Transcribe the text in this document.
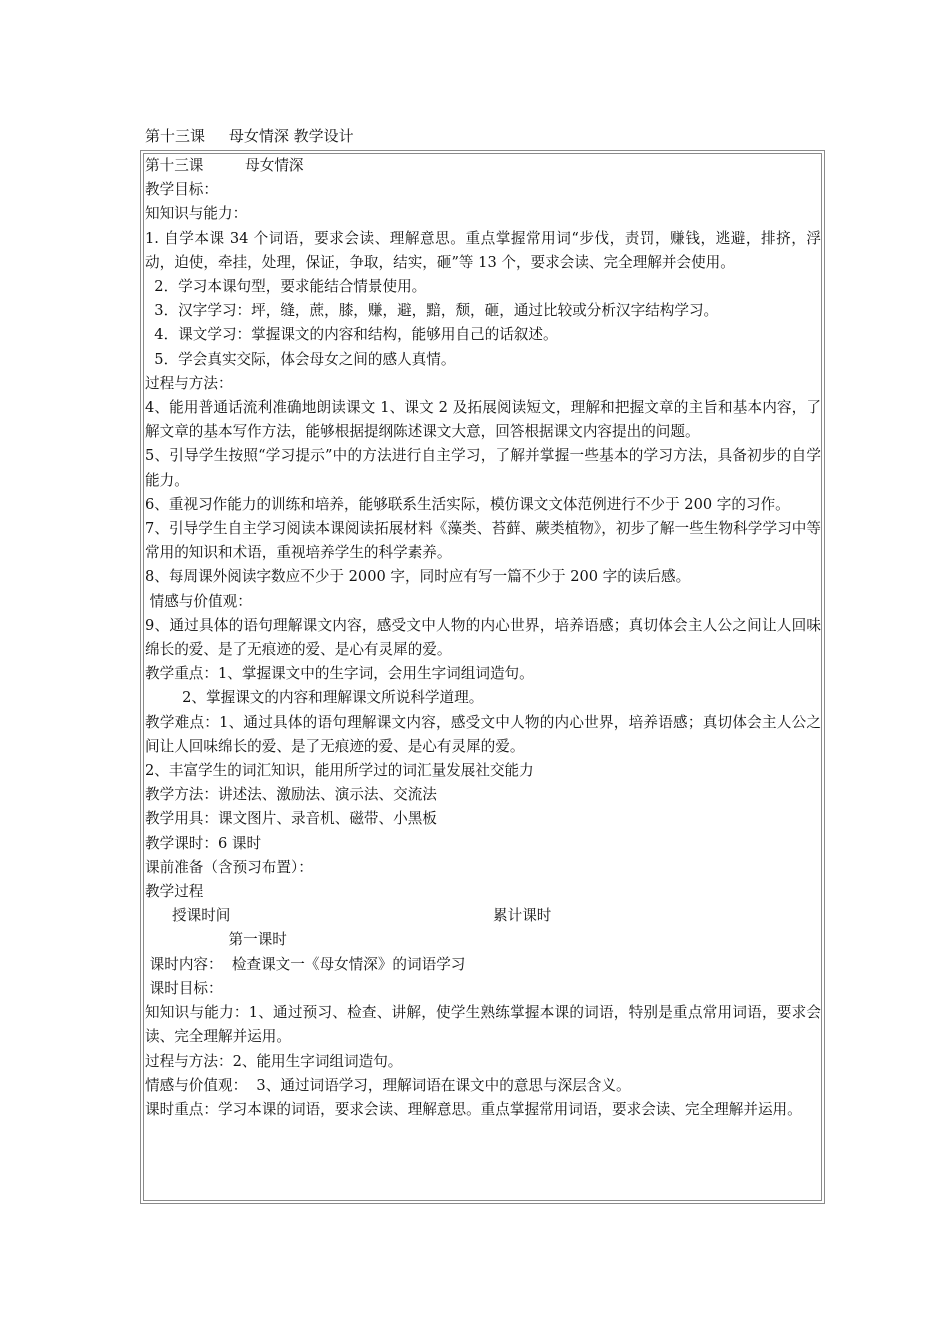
第十三课     母女情深 教学设计

第十三课         母女情深

教学目标：

知知识与能力：

1. 自学本课 34 个词语，要求会读、理解意思。重点掌握常用词“步伐，责罚，赚钱，逃避，排挤，浮动，迫使，牵挂，处理，保证，争取，结实，砸”等 13 个，要求会读、完全理解并会使用。

2．学习本课句型，要求能结合情景使用。

3．汉字学习：坪，缝，蔗，膝，赚，避，黯，颓，砸，通过比较或分析汉字结构学习。

4．课文学习：掌握课文的内容和结构，能够用自己的话叙述。

5．学会真实交际，体会母女之间的感人真情。

过程与方法：

4、能用普通话流利准确地朗读课文 1、课文 2 及拓展阅读短文，理解和把握文章的主旨和基本内容，了解文章的基本写作方法，能够根据提纲陈述课文大意，回答根据课文内容提出的问题。

5、引导学生按照“学习提示”中的方法进行自主学习，了解并掌握一些基本的学习方法，具备初步的自学能力。

6、重视习作能力的训练和培养，能够联系生活实际，模仿课文文体范例进行不少于 200 字的习作。

7、引导学生自主学习阅读本课阅读拓展材料《藻类、苔藓、蕨类植物》，初步了解一些生物科学学习中等常用的知识和术语，重视培养学生的科学素养。

8、每周课外阅读字数应不少于 2000 字，同时应有写一篇不少于 200 字的读后感。

情感与价值观：

9、通过具体的语句理解课文内容，感受文中人物的内心世界，培养语感；真切体会主人公之间让人回味绵长的爱、是了无痕迹的爱、是心有灵犀的爱。

教学重点：1、掌握课文中的生字词，会用生字词组词造句。

2、掌握课文的内容和理解课文所说科学道理。

教学难点：1、通过具体的语句理解课文内容，感受文中人物的内心世界，培养语感；真切体会主人公之间让人回味绵长的爱、是了无痕迹的爱、是心有灵犀的爱。

2、丰富学生的词汇知识，能用所学过的词汇量发展社交能力

教学方法：讲述法、激励法、演示法、交流法

教学用具：课文图片、录音机、磁带、小黑板

教学课时：6 课时

课前准备（含预习布置）：

教学过程

授课时间	累计课时

第一课时

课时内容：  检查课文一《母女情深》的词语学习

课时目标：

知知识与能力：1、通过预习、检查、讲解，使学生熟练掌握本课的词语，特别是重点常用词语，要求会读、完全理解并运用。

过程与方法：2、能用生字词组词造句。

情感与价值观：  3、通过词语学习，理解词语在课文中的意思与深层含义。

课时重点：学习本课的词语，要求会读、理解意思。重点掌握常用词语，要求会读、完全理解并运用。
